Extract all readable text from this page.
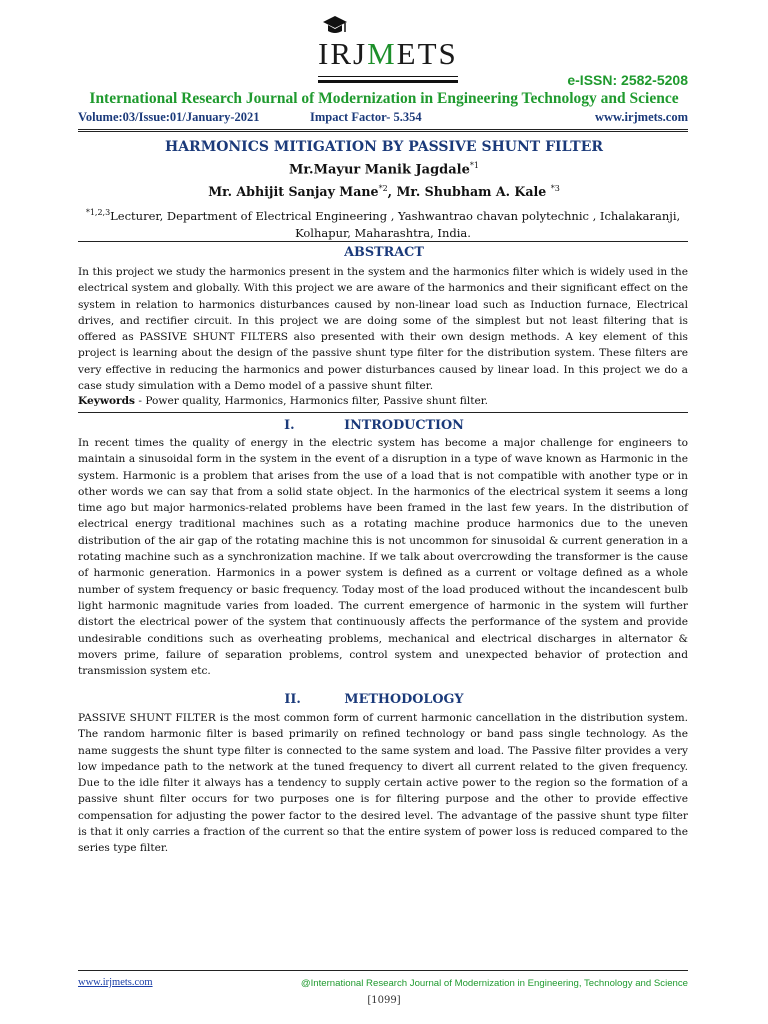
IRJMETS
e-ISSN: 2582-5208
International Research Journal of Modernization in Engineering Technology and Science
Volume:03/Issue:01/January-2021	Impact Factor- 5.354	www.irjmets.com
HARMONICS MITIGATION BY PASSIVE SHUNT FILTER
Mr.Mayur Manik Jagdale$^{*1}$
Mr. Abhijit Sanjay Mane$^{*2}$, Mr. Shubham A. Kale $^{*3}$
$^{*1,2,3}$Lecturer, Department of Electrical Engineering , Yashwantrao chavan polytechnic , Ichalakaranji, Kolhapur, Maharashtra, India.
ABSTRACT
In this project we study the harmonics present in the system and the harmonics filter which is widely used in the electrical system and globally. With this project we are aware of the harmonics and their significant effect on the system in relation to harmonics disturbances caused by non-linear load such as Induction furnace, Electrical drives, and rectifier circuit. In this project we are doing some of the simplest but not least filtering that is offered as PASSIVE SHUNT FILTERS also presented with their own design methods. A key element of this project is learning about the design of the passive shunt type filter for the distribution system. These filters are very effective in reducing the harmonics and power disturbances caused by linear load. In this project we do a case study simulation with a Demo model of a passive shunt filter.
Keywords - Power quality, Harmonics, Harmonics filter, Passive shunt filter.
I.	INTRODUCTION
In recent times the quality of energy in the electric system has become a major challenge for engineers to maintain a sinusoidal form in the system in the event of a disruption in a type of wave known as Harmonic in the system. Harmonic is a problem that arises from the use of a load that is not compatible with another type or in other words we can say that from a solid state object. In the harmonics of the electrical system it seems a long time ago but major harmonics-related problems have been framed in the last few years. In the distribution of electrical energy traditional machines such as a rotating machine produce harmonics due to the uneven distribution of the air gap of the rotating machine this is not uncommon for sinusoidal & current generation in a rotating machine such as a synchronization machine. If we talk about overcrowding the transformer is the cause of harmonic generation. Harmonics in a power system is defined as a current or voltage defined as a whole number of system frequency or basic frequency. Today most of the load produced without the incandescent bulb light harmonic magnitude varies from loaded. The current emergence of harmonic in the system will further distort the electrical power of the system that continuously affects the performance of the system and provide undesirable conditions such as overheating problems, mechanical and electrical discharges in alternator & movers prime, failure of separation problems, control system and unexpected behavior of protection and transmission system etc.
II.	METHODOLOGY
PASSIVE SHUNT FILTER is the most common form of current harmonic cancellation in the distribution system. The random harmonic filter is based primarily on refined technology or band pass single technology. As the name suggests the shunt type filter is connected to the same system and load. The Passive filter provides a very low impedance path to the network at the tuned frequency to divert all current related to the given frequency. Due to the idle filter it always has a tendency to supply certain active power to the region so the formation of a passive shunt filter occurs for two purposes one is for filtering purpose and the other to provide effective compensation for adjusting the power factor to the desired level. The advantage of the passive shunt type filter is that it only carries a fraction of the current so that the entire system of power loss is reduced compared to the series type filter.
www.irjmets.com	@International Research Journal of Modernization in Engineering, Technology and Science
[1099]
